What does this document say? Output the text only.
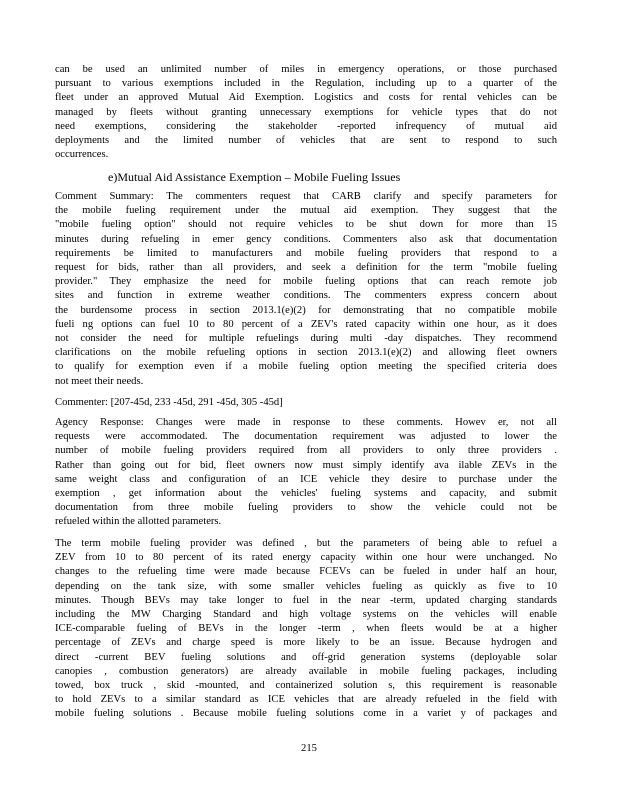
can be used an unlimited number of miles in emergency operations, or those purchased
pursuant to various exemptions included in the Regulation, including up to a quarter of the
fleet under an approved Mutual Aid Exemption. Logistics and costs for rental vehicles can be
managed by fleets without granting unnecessary exemptions for vehicle types that do not
need exemptions, considering the stakeholder -reported infrequency of mutual aid
deployments and the limited number of vehicles that are sent to respond to such
occurrences.
e)Mutual Aid Assistance Exemption – Mobile Fueling Issues
Comment Summary: The commenters request that CARB clarify and specify parameters for
the mobile fueling requirement under the mutual aid exemption. They suggest that the
"mobile fueling option" should not require vehicles to be shut down for more than 15
minutes during refueling in emer gency conditions. Commenters also ask that documentation
requirements be limited to manufacturers and mobile fueling providers that respond to a
request for bids, rather than all providers, and seek a definition for the term "mobile fueling
provider." They emphasize the need for mobile fueling options that can reach remote job
sites and function in extreme weather conditions. The commenters express concern about
the burdensome process in section 2013.1(e)(2) for demonstrating that no compatible mobile
fueli ng options can fuel 10 to 80 percent of a ZEV's rated capacity within one hour, as it does
not consider the need for multiple refuelings during multi -day dispatches. They recommend
clarifications on the mobile refueling options in section 2013.1(e)(2) and allowing fleet owners
to qualify for exemption even if a mobile fueling option meeting the specified criteria does
not meet their needs.
Commenter: [207-45d, 233 -45d, 291 -45d, 305 -45d]
Agency Response: Changes were made in response to these comments. Howev er, not all
requests were accommodated. The documentation requirement was adjusted to lower the
number of mobile fueling providers required from all providers to only three providers .
Rather than going out for bid, fleet owners now must simply identify ava ilable ZEVs in the
same weight class and configuration of an ICE vehicle they desire to purchase under the
exemption , get information about the vehicles' fueling systems and capacity, and submit
documentation from three mobile fueling providers to show the vehicle could not be
refueled within the allotted parameters.
The term mobile fueling provider was defined , but the parameters of being able to refuel a
ZEV from 10 to 80 percent of its rated energy capacity within one hour were unchanged. No
changes to the refueling time were made because FCEVs can be fueled in under half an hour,
depending on the tank size, with some smaller vehicles fueling as quickly as five to 10
minutes. Though BEVs may take longer to fuel in the near -term, updated charging standards
including the MW Charging Standard and high voltage systems on the vehicles will enable
ICE-comparable fueling of BEVs in the longer -term , when fleets would be at a higher
percentage of ZEVs and charge speed is more likely to be an issue. Because hydrogen and
direct -current BEV fueling solutions and off-grid generation systems (deployable solar
canopies , combustion generators) are already available in mobile fueling packages, including
towed, box truck , skid -mounted, and containerized solution s, this requirement is reasonable
to hold ZEVs to a similar standard as ICE vehicles that are already refueled in the field with
mobile fueling solutions . Because mobile fueling solutions come in a variet y of packages and
215
